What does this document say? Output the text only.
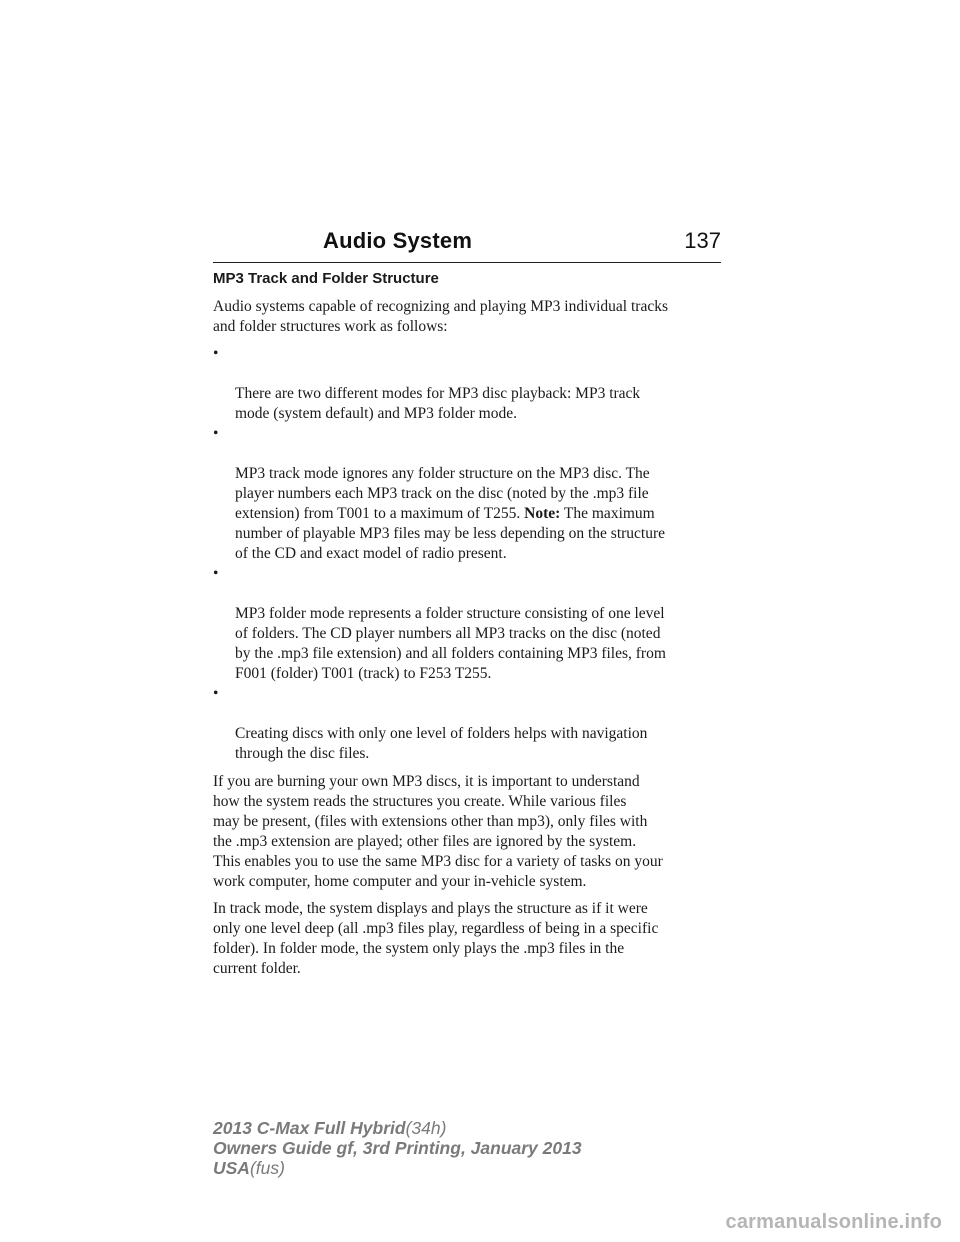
Audio System	137
MP3 Track and Folder Structure

Audio systems capable of recognizing and playing MP3 individual tracks
and folder structures work as follows:

•

There are two different modes for MP3 disc playback: MP3 track
mode (system default) and MP3 folder mode.

•

MP3 track mode ignores any folder structure on the MP3 disc. The
player numbers each MP3 track on the disc (noted by the .mp3 file
extension) from T001 to a maximum of T255. Note: The maximum
number of playable MP3 files may be less depending on the structure
of the CD and exact model of radio present.

•

MP3 folder mode represents a folder structure consisting of one level
of folders. The CD player numbers all MP3 tracks on the disc (noted
by the .mp3 file extension) and all folders containing MP3 files, from
F001 (folder) T001 (track) to F253 T255.

•

Creating discs with only one level of folders helps with navigation
through the disc files.

If you are burning your own MP3 discs, it is important to understand
how the system reads the structures you create. While various files
may be present, (files with extensions other than mp3), only files with
the .mp3 extension are played; other files are ignored by the system.
This enables you to use the same MP3 disc for a variety of tasks on your
work computer, home computer and your in-vehicle system.

In track mode, the system displays and plays the structure as if it were
only one level deep (all .mp3 files play, regardless of being in a specific
folder). In folder mode, the system only plays the .mp3 files in the
current folder.

2013 C-Max Full Hybrid(34h)
Owners Guide gf, 3rd Printing, January 2013
USA(fus)
carmanualsonline.info
